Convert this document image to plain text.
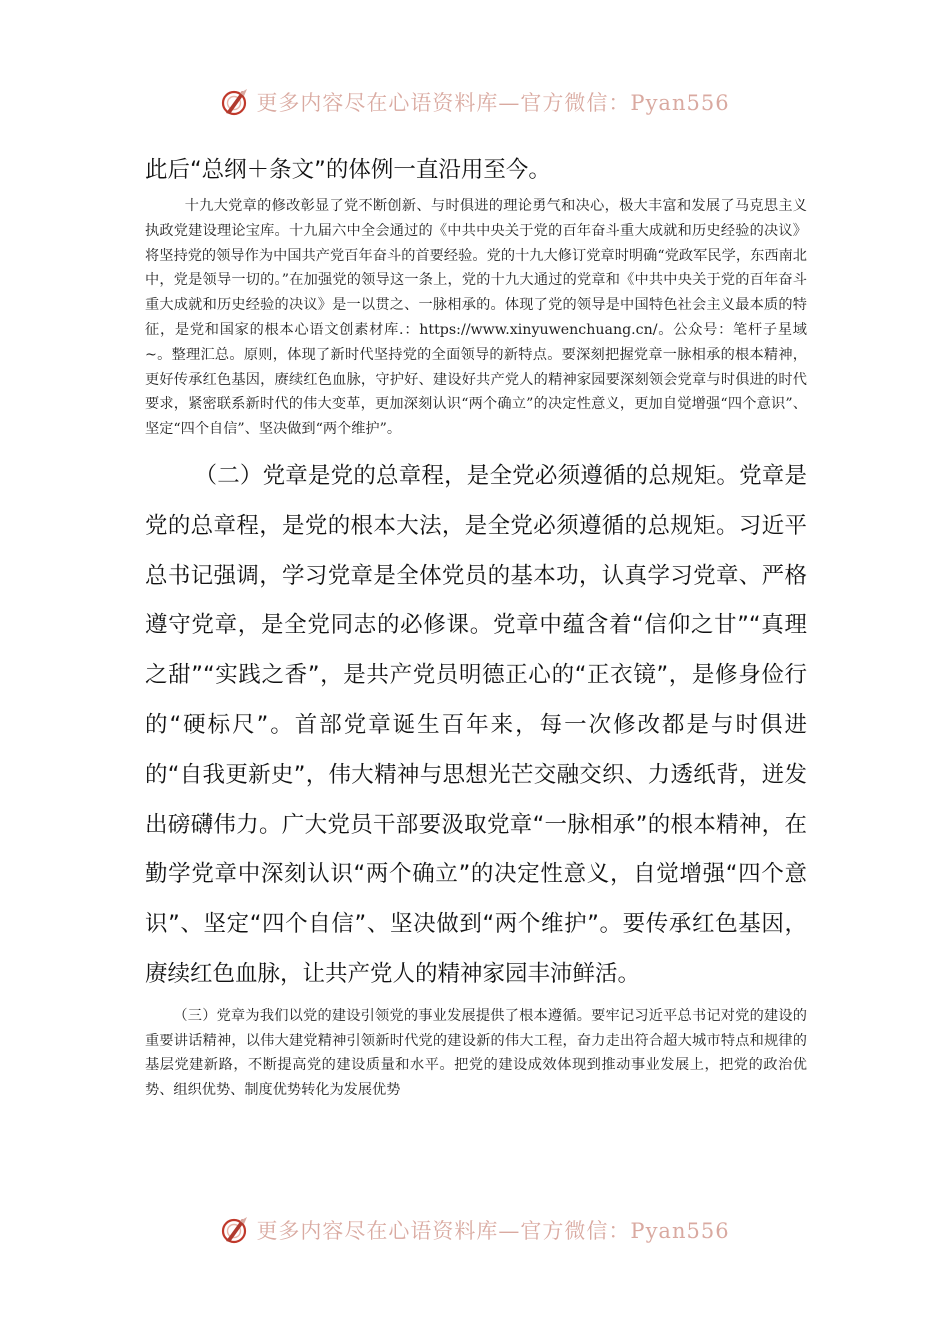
更多内容尽在心语资料库—官方微信：Pyan556

此后“总纲＋条文”的体例一直沿用至今。

十九大党章的修改彰显了党不断创新、与时俱进的理论勇气和决心，极大丰富和发展了马克思主义执政党建设理论宝库。十九届六中全会通过的《中共中央关于党的百年奋斗重大成就和历史经验的决议》将坚持党的领导作为中国共产党百年奋斗的首要经验。党的十九大修订党章时明确“党政军民学，东西南北中，党是领导一切的。”在加强党的领导这一条上，党的十九大通过的党章和《中共中央关于党的百年奋斗重大成就和历史经验的决议》是一以贯之、一脉相承的。体现了党的领导是中国特色社会主义最本质的特征，是党和国家的根本心语文创素材库.：https://www.xinyuwenchuang.cn/。公众号：笔杆子星域~。整理汇总。原则，体现了新时代坚持党的全面领导的新特点。要深刻把握党章一脉相承的根本精神，更好传承红色基因，赓续红色血脉，守护好、建设好共产党人的精神家园要深刻领会党章与时俱进的时代要求，紧密联系新时代的伟大变革，更加深刻认识“两个确立”的决定性意义，更加自觉增强“四个意识”、坚定“四个自信”、坚决做到“两个维护”。

（二）党章是党的总章程，是全党必须遵循的总规矩。党章是党的总章程，是党的根本大法，是全党必须遵循的总规矩。习近平总书记强调，学习党章是全体党员的基本功，认真学习党章、严格遵守党章，是全党同志的必修课。党章中蕴含着“信仰之甘”“真理之甜”“实践之香”，是共产党员明德正心的“正衣镜”，是修身俭行的“硬标尺”。首部党章诞生百年来，每一次修改都是与时俱进的“自我更新史”，伟大精神与思想光芒交融交织、力透纸背，迸发出磅礴伟力。广大党员干部要汲取党章“一脉相承”的根本精神，在勤学党章中深刻认识“两个确立”的决定性意义，自觉增强“四个意识”、坚定“四个自信”、坚决做到“两个维护”。要传承红色基因，赓续红色血脉，让共产党人的精神家园丰沛鲜活。

（三）党章为我们以党的建设引领党的事业发展提供了根本遵循。要牢记习近平总书记对党的建设的重要讲话精神，以伟大建党精神引领新时代党的建设新的伟大工程，奋力走出符合超大城市特点和规律的基层党建新路，不断提高党的建设质量和水平。把党的建设成效体现到推动事业发展上，把党的政治优势、组织优势、制度优势转化为发展优势

更多内容尽在心语资料库—官方微信：Pyan556
